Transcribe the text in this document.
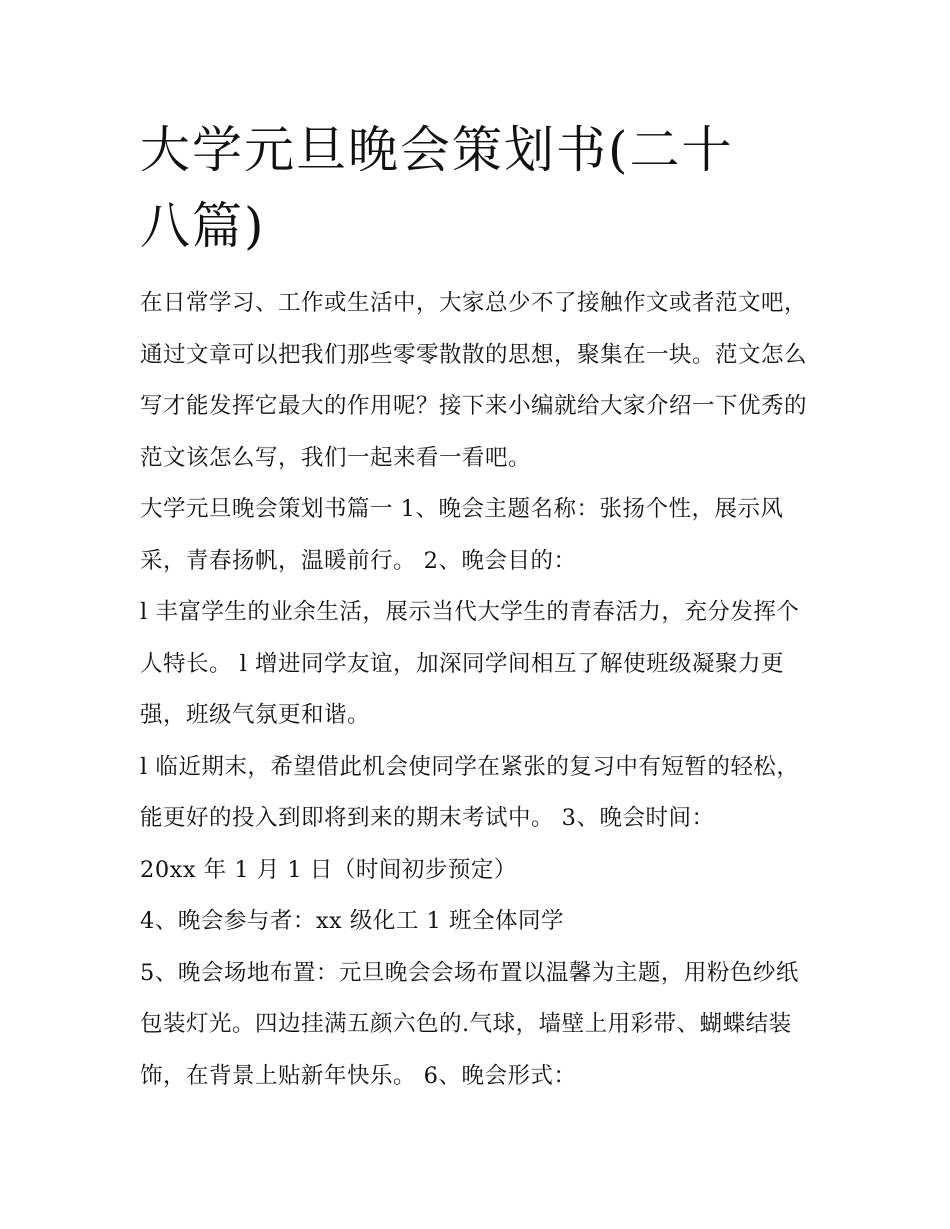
大学元旦晚会策划书(二十八篇)

在日常学习、工作或生活中，大家总少不了接触作文或者范文吧，通过文章可以把我们那些零零散散的思想，聚集在一块。范文怎么写才能发挥它最大的作用呢？接下来小编就给大家介绍一下优秀的范文该怎么写，我们一起来看一看吧。

大学元旦晚会策划书篇一 1、晚会主题名称：张扬个性，展示风采，青春扬帆，温暖前行。 2、晚会目的：

l 丰富学生的业余生活，展示当代大学生的青春活力，充分发挥个人特长。 l 增进同学友谊，加深同学间相互了解使班级凝聚力更强，班级气氛更和谐。

l 临近期末，希望借此机会使同学在紧张的复习中有短暂的轻松，能更好的投入到即将到来的期末考试中。 3、晚会时间：

20xx 年 1 月 1 日（时间初步预定）

4、晚会参与者：xx 级化工 1 班全体同学

5、晚会场地布置：元旦晚会会场布置以温馨为主题，用粉色纱纸包装灯光。四边挂满五颜六色的.气球，墙壁上用彩带、蝴蝶结装饰，在背景上贴新年快乐。 6、晚会形式：
